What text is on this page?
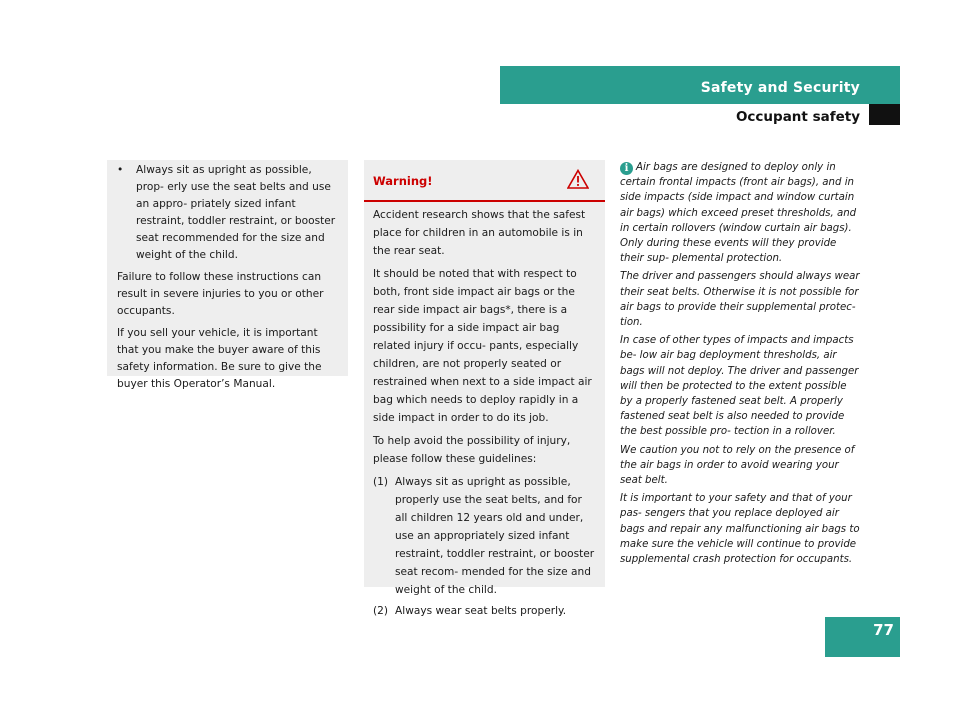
Safety and Security
Occupant safety
•	Always sit as upright as possible, prop- erly use the seat belts and use an appro- priately sized infant restraint, toddler restraint, or booster seat recommended for the size and weight of the child.

Failure to follow these instructions can result in severe injuries to you or other occupants.

If you sell your vehicle, it is important that you make the buyer aware of this safety information. Be sure to give the buyer this Operator’s Manual.

Warning!

Accident research shows that the safest place for children in an automobile is in the rear seat.

It should be noted that with respect to both, front side impact air bags or the rear side impact air bags*, there is a possibility for a side impact air bag related injury if occu- pants, especially children, are not properly seated or restrained when next to a side impact air bag which needs to deploy rapidly in a side impact in order to do its job.

To help avoid the possibility of injury, please follow these guidelines:

(1) Always sit as upright as possible, properly use the seat belts, and for all children 12 years old and under, use an appropriately sized infant restraint, toddler restraint, or booster seat recom- mended for the size and weight of the child.
(2) Always wear seat belts properly.

i Air bags are designed to deploy only in certain frontal impacts (front air bags), and in side impacts (side impact and window curtain air bags) which exceed preset thresholds, and in certain rollovers (window curtain air bags). Only during these events will they provide their sup- plemental protection.

The driver and passengers should always wear their seat belts. Otherwise it is not possible for air bags to provide their supplemental protec- tion.

In case of other types of impacts and impacts be- low air bag deployment thresholds, air bags will not deploy. The driver and passenger will then be protected to the extent possible by a properly fastened seat belt. A properly fastened seat belt is also needed to provide the best possible pro- tection in a rollover.

We caution you not to rely on the presence of the air bags in order to avoid wearing your seat belt.

It is important to your safety and that of your pas- sengers that you replace deployed air bags and repair any malfunctioning air bags to make sure the vehicle will continue to provide supplemental crash protection for occupants.

77
